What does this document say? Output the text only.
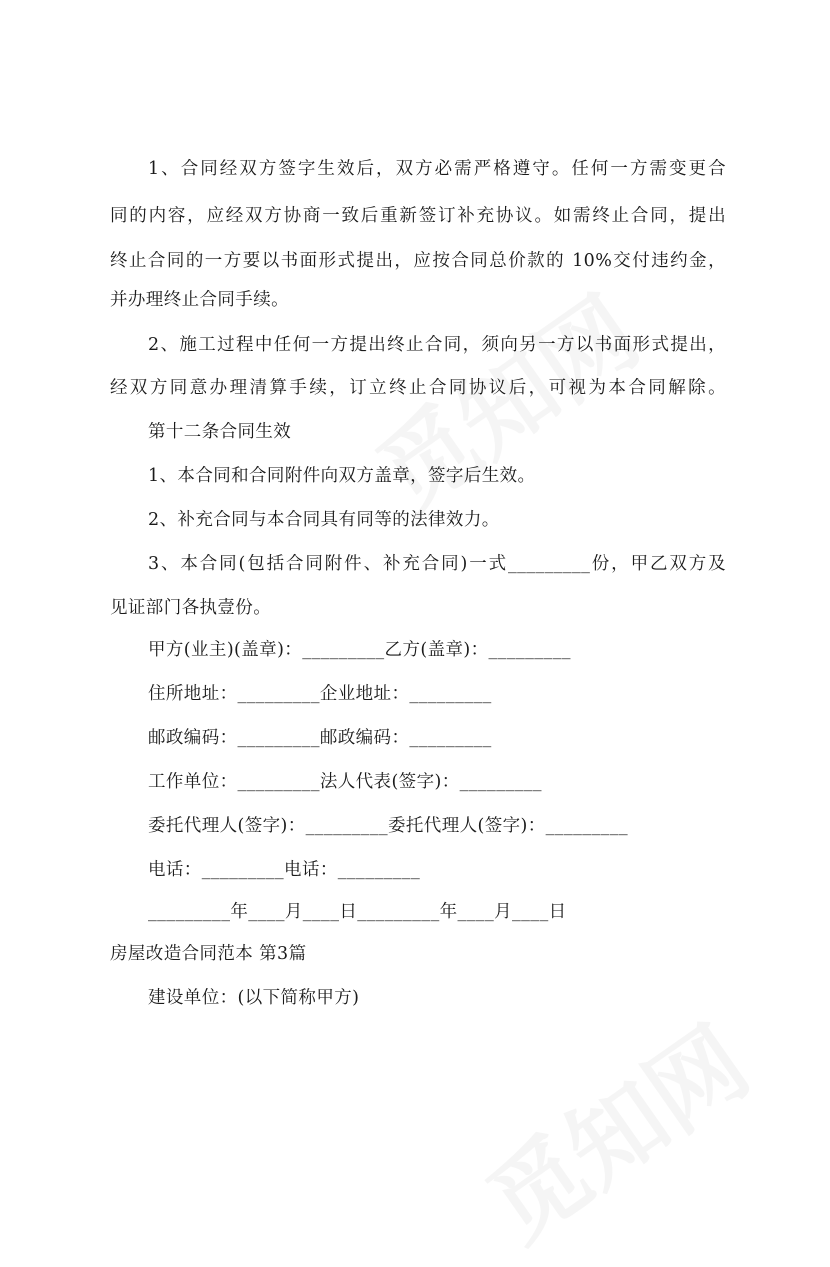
1、合同经双方签字生效后，双方必需严格遵守。任何一方需变更合
同的内容，应经双方协商一致后重新签订补充协议。如需终止合同，提出
终止合同的一方要以书面形式提出，应按合同总价款的 10%交付违约金，
并办理终止合同手续。
2、施工过程中任何一方提出终止合同，须向另一方以书面形式提出，
经双方同意办理清算手续，订立终止合同协议后，可视为本合同解除。
第十二条合同生效
1、本合同和合同附件向双方盖章，签字后生效。
2、补充合同与本合同具有同等的法律效力。
3、本合同(包括合同附件、补充合同)一式_________份，甲乙双方及
见证部门各执壹份。
甲方(业主)(盖章)：_________乙方(盖章)：_________
住所地址：_________企业地址：_________
邮政编码：_________邮政编码：_________
工作单位：_________法人代表(签字)：_________
委托代理人(签字)：_________委托代理人(签字)：_________
电话：_________电话：_________
_________年____月____日_________年____月____日
房屋改造合同范本 第3篇
建设单位：(以下简称甲方)
